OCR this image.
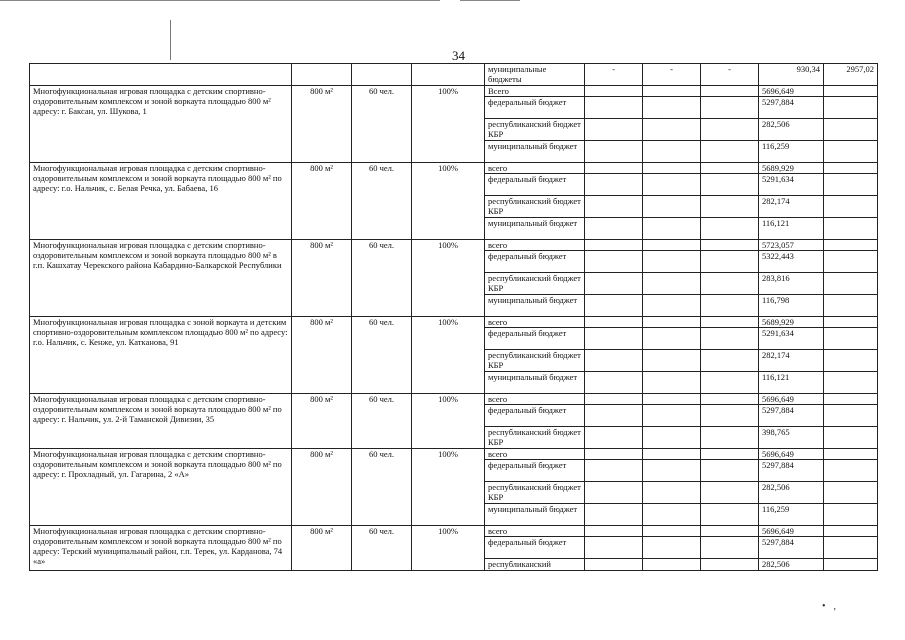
34
				муниципальные бюджеты	-	-	-	930,34	2957,02
Многофункциональная игровая площадка с детским спортивно-оздоровительным комплексом и зоной воркаута площадью 800 м² адресу: г. Баксан, ул. Шукова, 1	800 м²	60 чел.	100%	Всего				5696,649	
				федеральный бюджет				5297,884	
				республиканский бюджет КБР				282,506	
				муниципальный бюджет				116,259	
Многофункциональная игровая площадка с детским спортивно-оздоровительным комплексом и зоной воркаута площадью 800 м² по адресу: г.о. Нальчик, с. Белая Речка, ул. Бабаева, 16	800 м²	60 чел.	100%	всего				5689,929	
				федеральный бюджет				5291,634	
				республиканский бюджет КБР				282,174	
				муниципальный бюджет				116,121	
Многофункциональная игровая площадка с детским спортивно-оздоровительным комплексом и зоной воркаута площадью 800 м² в г.п. Кашхатау Черекского района Кабардино-Балкарской Республики	800 м²	60 чел.	100%	всего				5723,057	
				федеральный бюджет				5322,443	
				республиканский бюджет КБР				283,816	
				муниципальный бюджет				116,798	
Многофункциональная игровая площадка с зоной воркаута и детским спортивно-оздоровительным комплексом площадью 800 м² по адресу: г.о. Нальчик, с. Кенже, ул. Каткaнова, 91	800 м²	60 чел.	100%	всего				5689,929	
				федеральный бюджет				5291,634	
				республиканский бюджет КБР				282,174	
				муниципальный бюджет				116,121	
Многофункциональная игровая площадка с детским спортивно-оздоровительным комплексом и зоной воркаута площадью 800 м² по адресу: г. Нальчик, ул. 2-й Таманской Дивизии, 35	800 м²	60 чел.	100%	всего				5696,649	
				федеральный бюджет				5297,884	
				республиканский бюджет КБР				398,765	
Многофункциональная игровая площадка с детским спортивно-оздоровительным комплексом и зоной воркаута площадью 800 м² по адресу: г. Прохладный, ул. Гагарина, 2 «А»	800 м²	60 чел.	100%	всего				5696,649	
				федеральный бюджет				5297,884	
				республиканский бюджет КБР				282,506	
				муниципальный бюджет				116,259	
Многофункциональная игровая площадка с детским спортивно-оздоровительным комплексом и зоной воркаута площадью 800 м² по адресу: Терский муниципальный район, г.п. Терек, ул. Карданова, 74 «а»	800 м²	60 чел.	100%	всего				5696,649	
				федеральный бюджет				5297,884	
				республиканский				282,506	
•   ‚
